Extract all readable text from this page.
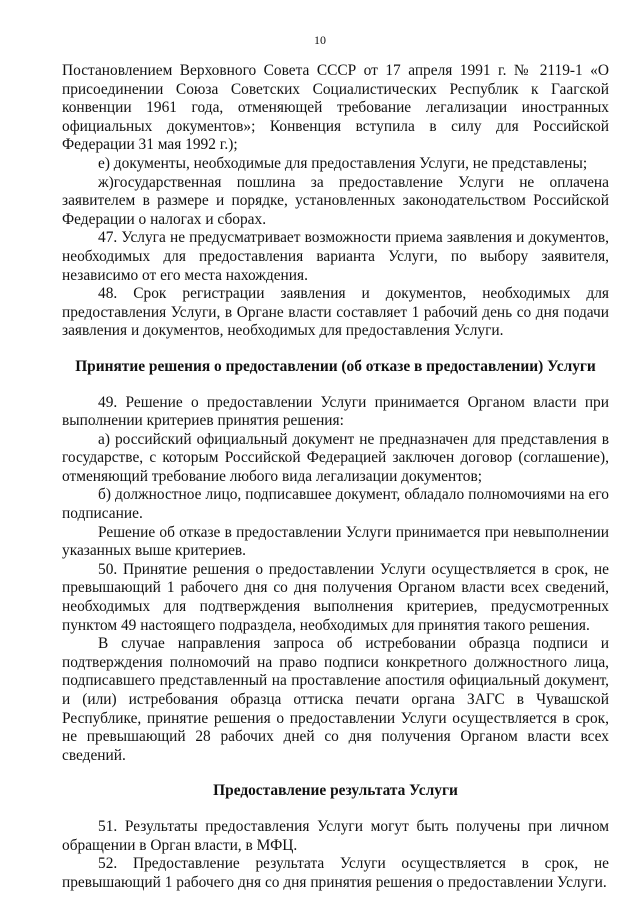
10

Постановлением Верховного Совета СССР от 17 апреля 1991 г. № 2119-1 «О присоединении Союза Советских Социалистических Республик к Гаагской конвенции 1961 года, отменяющей требование легализации иностранных официальных документов»; Конвенция вступила в силу для Российской Федерации 31 мая 1992 г.);

е) документы, необходимые для предоставления Услуги, не представлены;

ж)государственная пошлина за предоставление Услуги не оплачена заявителем в размере и порядке, установленных законодательством Российской Федерации о налогах и сборах.

47. Услуга не предусматривает возможности приема заявления и документов, необходимых для предоставления варианта Услуги, по выбору заявителя, независимо от его места нахождения.

48. Срок регистрации заявления и документов, необходимых для предоставления Услуги, в Органе власти составляет 1 рабочий день со дня подачи заявления и документов, необходимых для предоставления Услуги.

Принятие решения о предоставлении (об отказе в предоставлении) Услуги

49. Решение о предоставлении Услуги принимается Органом власти при выполнении критериев принятия решения:

а) российский официальный документ не предназначен для представления в государстве, с которым Российской Федерацией заключен договор (соглашение), отменяющий требование любого вида легализации документов;

б) должностное лицо, подписавшее документ, обладало полномочиями на его подписание.

Решение об отказе в предоставлении Услуги принимается при невыполнении указанных выше критериев.

50. Принятие решения о предоставлении Услуги осуществляется в срок, не превышающий 1 рабочего дня со дня получения Органом власти всех сведений, необходимых для подтверждения выполнения критериев, предусмотренных пунктом 49 настоящего подраздела, необходимых для принятия такого решения.

В случае направления запроса об истребовании образца подписи и подтверждения полномочий на право подписи конкретного должностного лица, подписавшего представленный на проставление апостиля официальный документ, и (или) истребования образца оттиска печати органа ЗАГС в Чувашской Республике, принятие решения о предоставлении Услуги осуществляется в срок, не превышающий 28 рабочих дней со дня получения Органом власти всех сведений.

Предоставление результата Услуги

51. Результаты предоставления Услуги могут быть получены при личном обращении в Орган власти, в МФЦ.

52. Предоставление результата Услуги осуществляется в срок, не превышающий 1 рабочего дня со дня принятия решения о предоставлении Услуги.
